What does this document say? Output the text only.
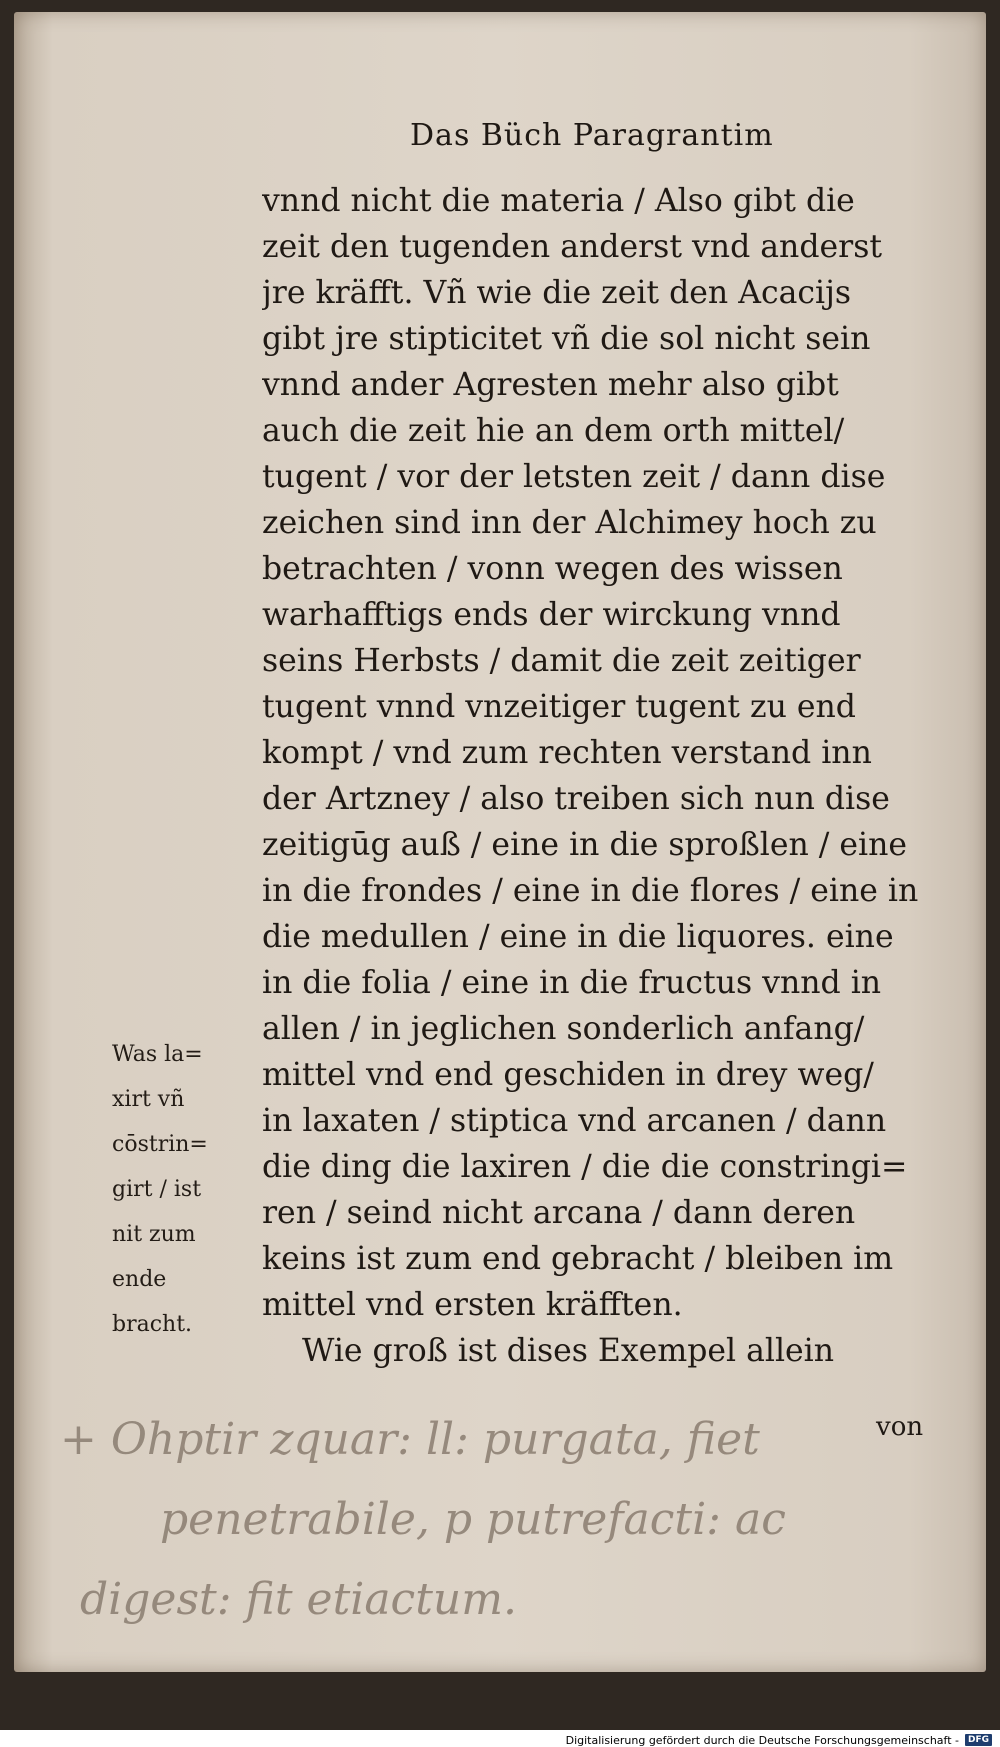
Das Büch Paragrantim
vnnd nicht die materia / Also gibt die
zeit den tugenden anderst vnd anderst
jre kräfft. Vñ wie die zeit den Acacijs
gibt jre stipticitet vñ die sol nicht sein
vnnd ander Agresten mehr also gibt
auch die zeit hie an dem orth mittel/
tugent / vor der letsten zeit / dann dise
zeichen sind inn der Alchimey hoch zu
betrachten / vonn wegen des wissen
warhafftigs ends der wirckung vnnd
seins Herbsts / damit die zeit zeitiger
tugent vnnd vnzeitiger tugent zu end
kompt / vnd zum rechten verstand inn
der Artzney / also treiben sich nun dise
zeitigūg auß / eine in die sproßlen / eine
in die frondes / eine in die flores / eine in
die medullen / eine in die liquores. eine
in die folia / eine in die fructus vnnd in
allen / in jeglichen sonderlich anfang/
mittel vnd end geschiden in drey weg/
in laxaten / stiptica vnd arcanen / dann
die ding die laxiren / die die constringi=
ren / seind nicht arcana / dann deren
keins ist zum end gebracht / bleiben im
mittel vnd ersten kräfften.
Wie groß ist dises Exempel allein
Was la=
xirt vñ
cōstrin=
girt / ist
nit zum
ende
bracht.
von
+ Ohptir zquar: ll: purgata, fiet
penetrabile, p putrefacti: ac
digest: fit etiactum.
Digitalisierung gefördert durch die Deutsche Forschungsgemeinschaft -	DFG
